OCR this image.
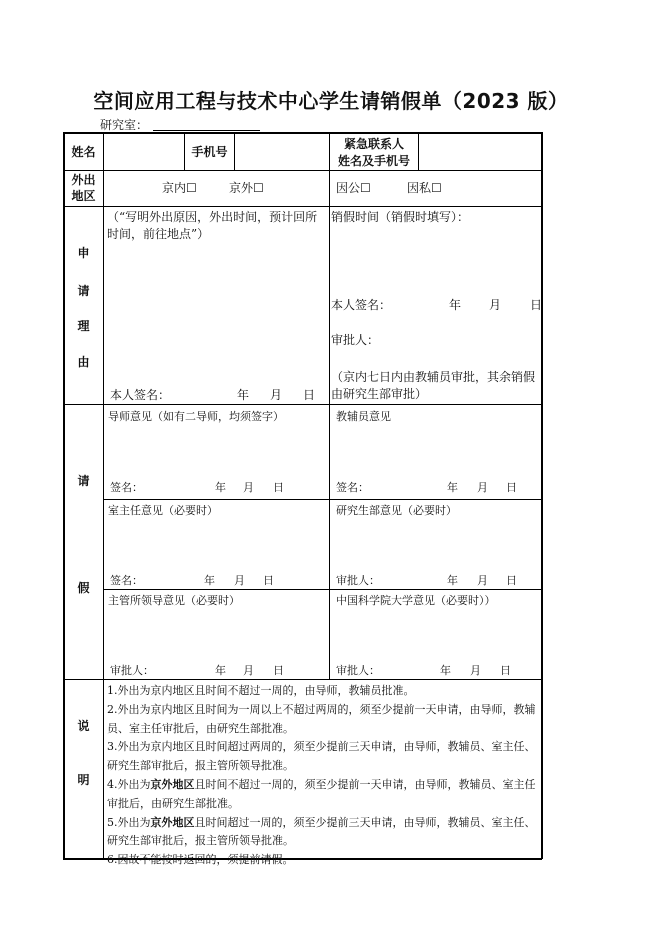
空间应用工程与技术中心学生请销假单（2023 版）
研究室：
姓名	手机号
紧急联系人
姓名及手机号
外出
地区
京内☐	京外☐	因公☐	因私☐
申
请
理
由
（“写明外出原因，外出时间，预计回所时间，前往地点”）
本人签名：	年 月 日
销假时间（销假时填写）：
本人签名：	年 月 日
审批人：
（京内七日内由教辅员审批，其余销假由研究生部审批）
请
假
导师意见（如有二导师，均须签字）
签名：	年 月 日
教辅员意见
签名：	年 月 日
室主任意见（必要时）
签名：	年 月 日
研究生部意见（必要时）
审批人：	年 月 日
主管所领导意见（必要时）
审批人：	年 月 日
中国科学院大学意见（必要时））
审批人：	年 月 日
说
明
1.外出为京内地区且时间不超过一周的，由导师，教辅员批准。
2.外出为京内地区且时间为一周以上不超过两周的，须至少提前一天申请，由导师，教辅员、室主任审批后，由研究生部批准。
3.外出为京内地区且时间超过两周的，须至少提前三天申请，由导师，教辅员、室主任、研究生部审批后，报主管所领导批准。
4.外出为京外地区且时间不超过一周的，须至少提前一天申请，由导师，教辅员、室主任审批后，由研究生部批准。
5.外出为京外地区且时间超过一周的，须至少提前三天申请，由导师，教辅员、室主任、研究生部审批后，报主管所领导批准。
6.因故不能按时返回的，须提前请假。
